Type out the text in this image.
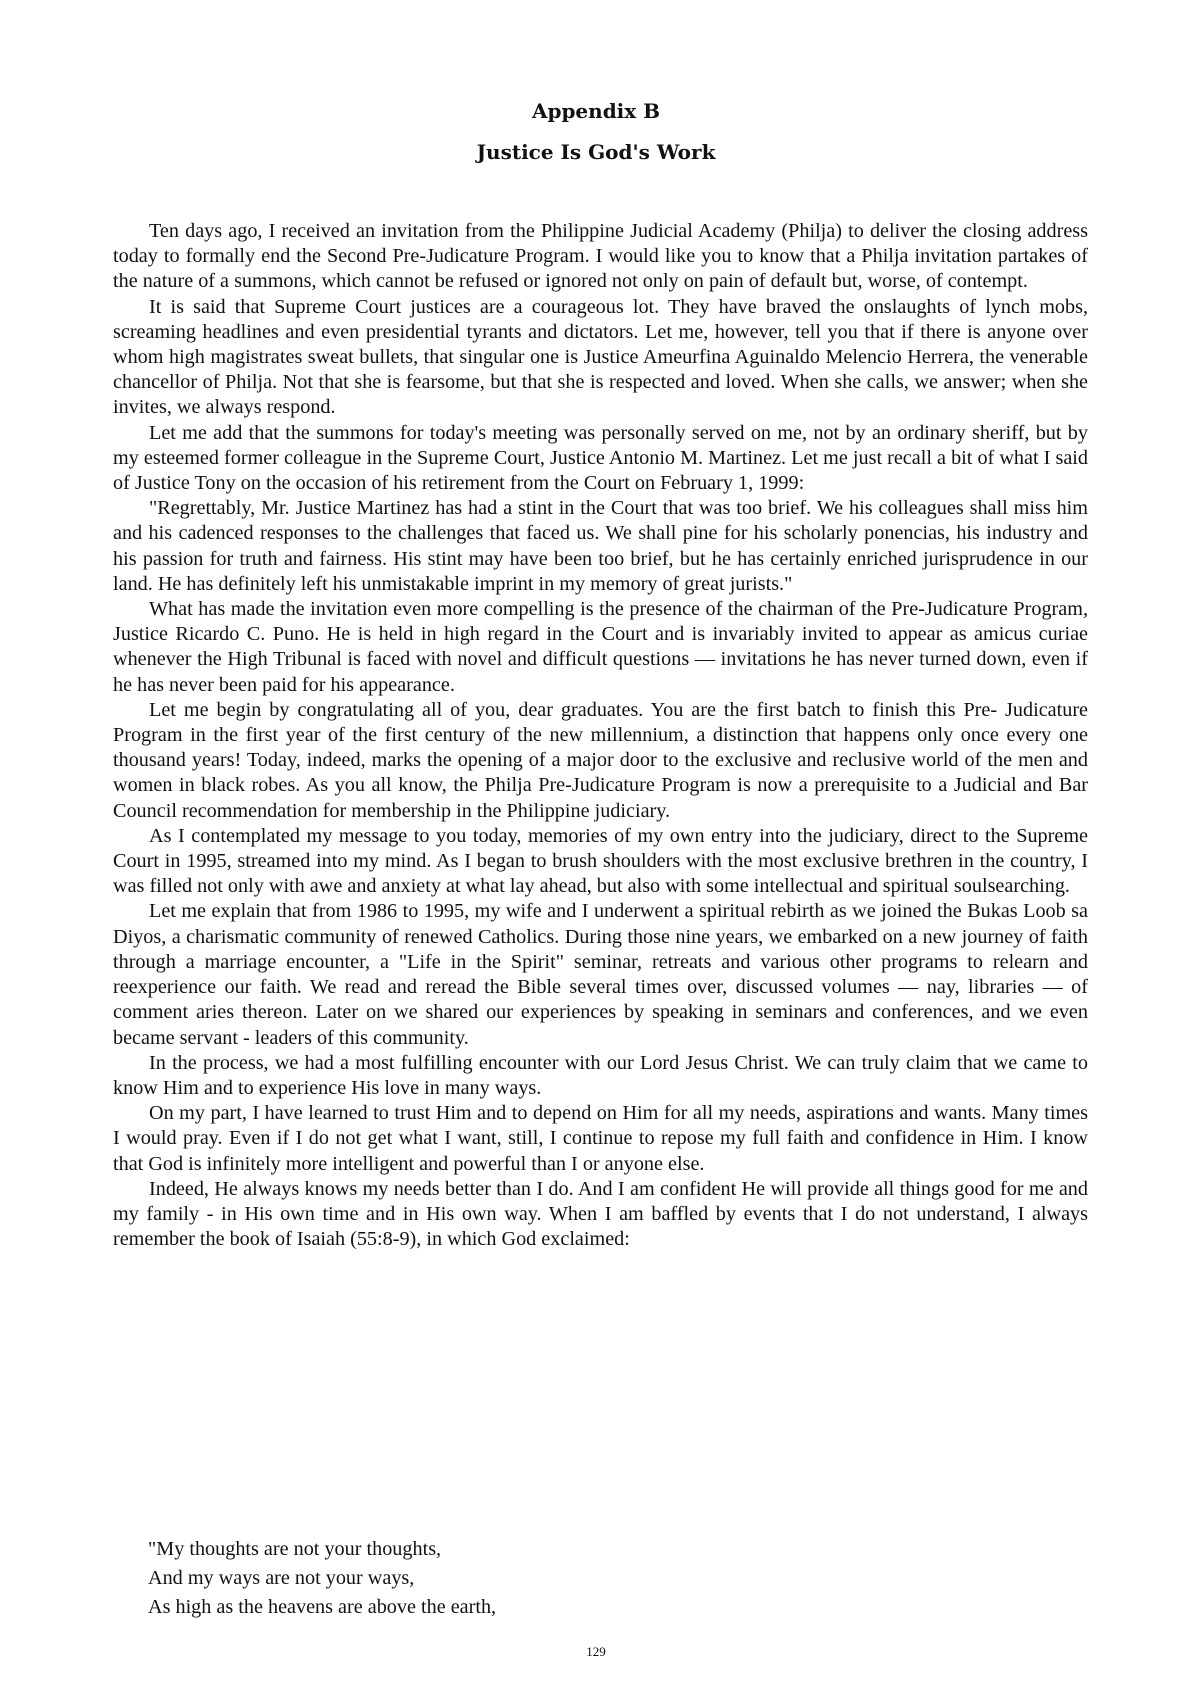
Appendix B
Justice Is God's Work

Ten days ago, I received an invitation from the Philippine Judicial Academy (Philja) to deliver the closing address today to formally end the Second Pre-Judicature Program. I would like you to know that a Philja invitation partakes of the nature of a summons, which cannot be refused or ignored not only on pain of default but, worse, of contempt.

It is said that Supreme Court justices are a courageous lot. They have braved the onslaughts of lynch mobs, screaming headlines and even presidential tyrants and dictators. Let me, however, tell you that if there is anyone over whom high magistrates sweat bullets, that singular one is Justice Ameurfina Aguinaldo Melencio Herrera, the venerable chancellor of Philja. Not that she is fearsome, but that she is respected and loved. When she calls, we answer; when she invites, we always respond.

Let me add that the summons for today's meeting was personally served on me, not by an ordinary sheriff, but by my esteemed former colleague in the Supreme Court, Justice Antonio M. Martinez. Let me just recall a bit of what I said of Justice Tony on the occasion of his retirement from the Court on February 1, 1999:

"Regrettably, Mr. Justice Martinez has had a stint in the Court that was too brief. We his colleagues shall miss him and his cadenced responses to the challenges that faced us. We shall pine for his scholarly ponencias, his industry and his passion for truth and fairness. His stint may have been too brief, but he has certainly enriched jurisprudence in our land. He has definitely left his unmistakable imprint in my memory of great jurists."

What has made the invitation even more compelling is the presence of the chairman of the Pre-Judicature Program, Justice Ricardo C. Puno. He is held in high regard in the Court and is invariably invited to appear as amicus curiae whenever the High Tribunal is faced with novel and difficult questions — invitations he has never turned down, even if he has never been paid for his appearance.

Let me begin by congratulating all of you, dear graduates. You are the first batch to finish this Pre- Judicature Program in the first year of the first century of the new millennium, a distinction that happens only once every one thousand years! Today, indeed, marks the opening of a major door to the exclusive and reclusive world of the men and women in black robes. As you all know, the Philja Pre-Judicature Program is now a prerequisite to a Judicial and Bar Council recommendation for membership in the Philippine judiciary.

As I contemplated my message to you today, memories of my own entry into the judiciary, direct to the Supreme Court in 1995, streamed into my mind. As I began to brush shoulders with the most exclusive brethren in the country, I was filled not only with awe and anxiety at what lay ahead, but also with some intellectual and spiritual soulsearching.

Let me explain that from 1986 to 1995, my wife and I underwent a spiritual rebirth as we joined the Bukas Loob sa Diyos, a charismatic community of renewed Catholics. During those nine years, we embarked on a new journey of faith through a marriage encounter, a "Life in the Spirit" seminar, retreats and various other programs to relearn and reexperience our faith. We read and reread the Bible several times over, discussed volumes — nay, libraries — of comment aries thereon. Later on we shared our experiences by speaking in seminars and conferences, and we even became servant - leaders of this community.

In the process, we had a most fulfilling encounter with our Lord Jesus Christ. We can truly claim that we came to know Him and to experience His love in many ways.

On my part, I have learned to trust Him and to depend on Him for all my needs, aspirations and wants. Many times I would pray. Even if I do not get what I want, still, I continue to repose my full faith and confidence in Him. I know that God is infinitely more intelligent and powerful than I or anyone else.

Indeed, He always knows my needs better than I do. And I am confident He will provide all things good for me and my family - in His own time and in His own way. When I am baffled by events that I do not understand, I always remember the book of Isaiah (55:8-9), in which God exclaimed:

"My thoughts are not your thoughts,

And my ways are not your ways,

As high as the heavens are above the earth,

129
